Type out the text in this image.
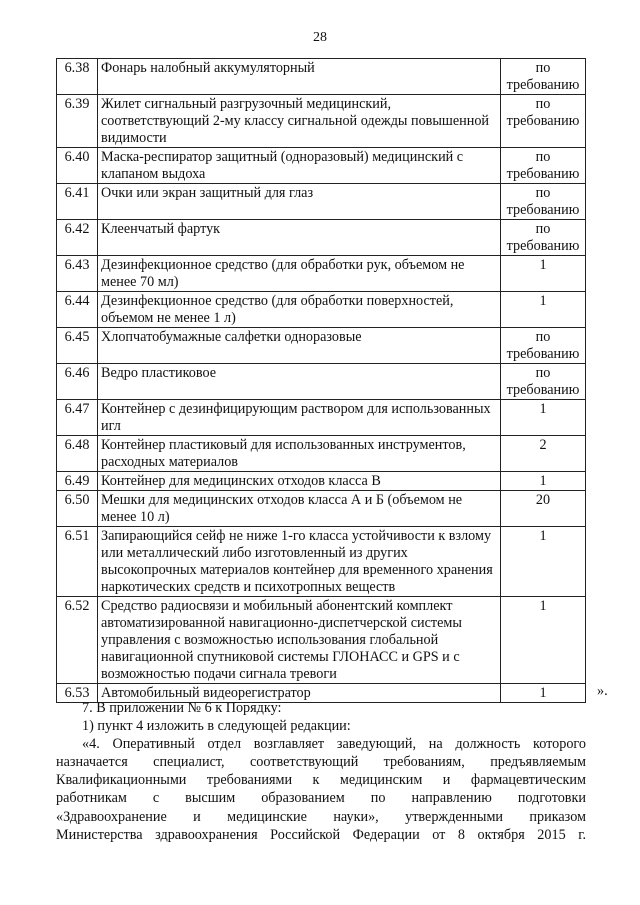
28
6.38	Фонарь налобный аккумуляторный	по требованию
6.39	Жилет сигнальный разгрузочный медицинский, соответствующий 2-му классу сигнальной одежды повышенной видимости	по требованию
6.40	Маска-респиратор защитный (одноразовый) медицинский с клапаном выдоха	по требованию
6.41	Очки или экран защитный для глаз	по требованию
6.42	Клеенчатый фартук	по требованию
6.43	Дезинфекционное средство (для обработки рук, объемом не менее 70 мл)	1
6.44	Дезинфекционное средство (для обработки поверхностей, объемом не менее 1 л)	1
6.45	Хлопчатобумажные салфетки одноразовые	по требованию
6.46	Ведро пластиковое	по требованию
6.47	Контейнер с дезинфицирующим раствором для использованных игл	1
6.48	Контейнер пластиковый для использованных инструментов, расходных материалов	2
6.49	Контейнер для медицинских отходов класса В	1
6.50	Мешки для медицинских отходов класса А и Б (объемом не менее 10 л)	20
6.51	Запирающийся сейф не ниже 1-го класса устойчивости к взлому или металлический либо изготовленный из других высокопрочных материалов контейнер для временного хранения наркотических средств и психотропных веществ	1
6.52	Средство радиосвязи и мобильный абонентский комплект автоматизированной навигационно-диспетчерской системы управления с возможностью использования глобальной навигационной спутниковой системы ГЛОНАСС и GPS и с возможностью подачи сигнала тревоги	1
6.53	Автомобильный видеорегистратор	1	».

7. В приложении № 6 к Порядку:

1) пункт 4 изложить в следующей редакции:

«4. Оперативный отдел возглавляет заведующий, на должность которого

назначается специалист, соответствующий требованиям, предъявляемым

Квалификационными требованиями к медицинским и фармацевтическим

работникам с высшим образованием по направлению подготовки

«Здравоохранение и медицинские науки», утвержденными приказом

Министерства здравоохранения Российской Федерации от 8 октября 2015 г.
